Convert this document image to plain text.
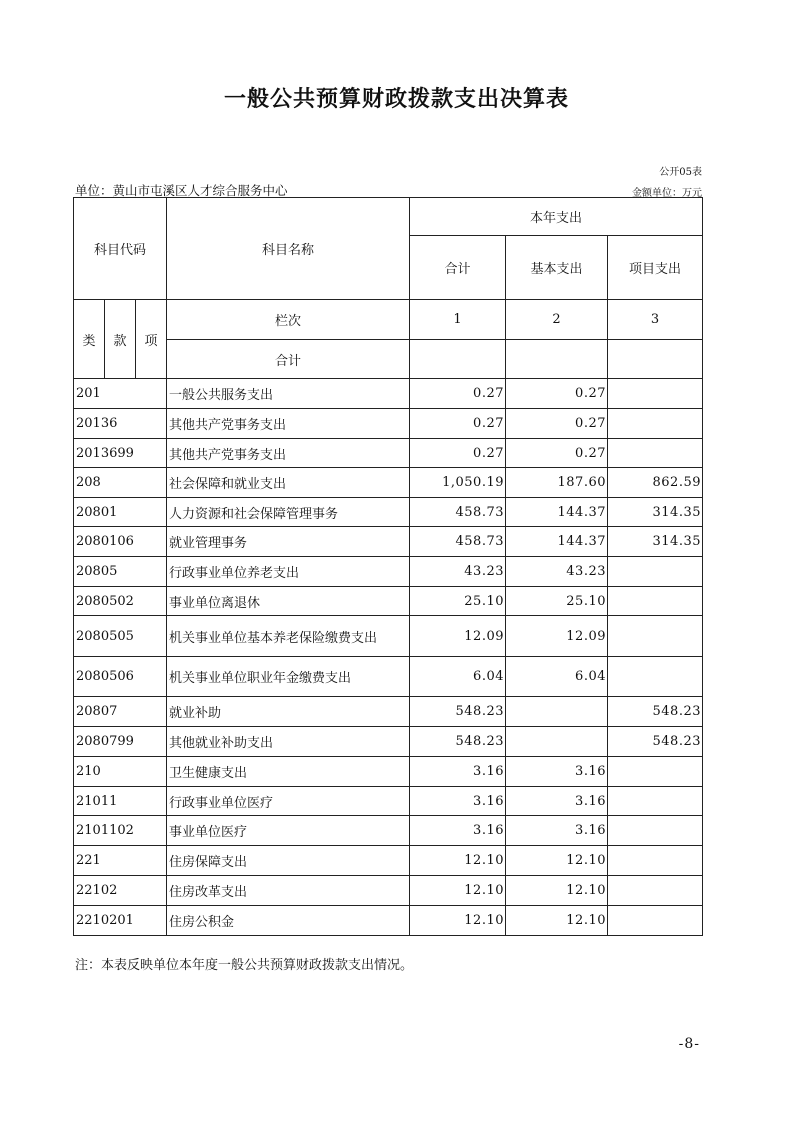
一般公共预算财政拨款支出决算表
公开05表
单位：黄山市屯溪区人才综合服务中心	金额单位：万元
科目代码			科目名称	本年支出		
				合计	基本支出	项目支出

类	款	项	栏次	1	2	3
			合计			
201			一般公共服务支出	0.27	0.27	
20136			其他共产党事务支出	0.27	0.27	
2013699			其他共产党事务支出	0.27	0.27	
208			社会保障和就业支出	1,050.19	187.60	862.59
20801			人力资源和社会保障管理事务	458.73	144.37	314.35
2080106			就业管理事务	458.73	144.37	314.35
20805			行政事业单位养老支出	43.23	43.23	
2080502			事业单位离退休	25.10	25.10	
2080505			机关事业单位基本养老保险缴费支出	12.09	12.09	
2080506			机关事业单位职业年金缴费支出	6.04	6.04	
20807			就业补助	548.23		548.23
2080799			其他就业补助支出	548.23		548.23
210			卫生健康支出	3.16	3.16	
21011			行政事业单位医疗	3.16	3.16	
2101102			事业单位医疗	3.16	3.16	
221			住房保障支出	12.10	12.10	
22102			住房改革支出	12.10	12.10	
2210201			住房公积金	12.10	12.10	
注：本表反映单位本年度一般公共预算财政拨款支出情况。
-8-
